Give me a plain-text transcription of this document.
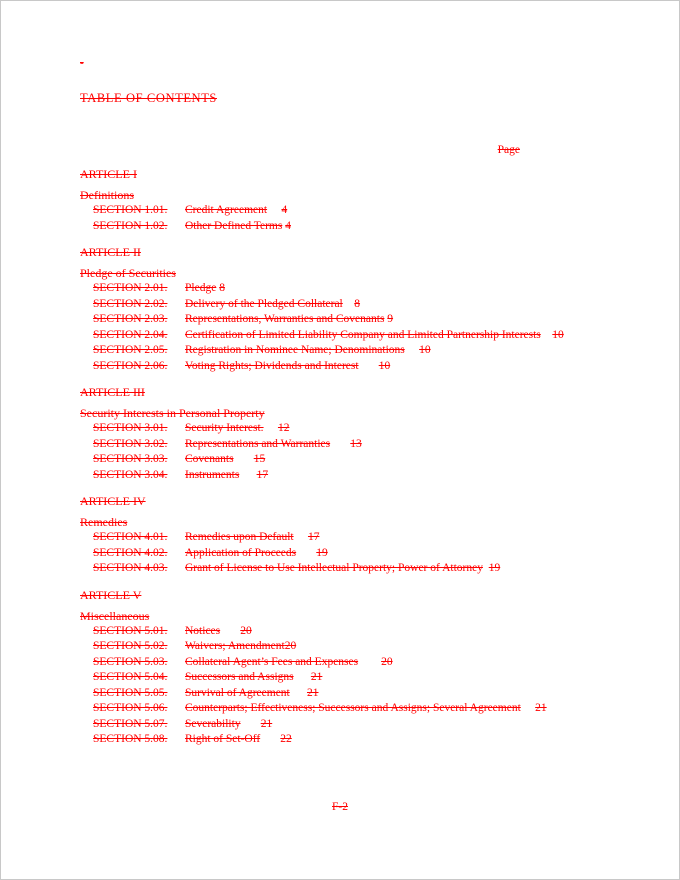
-
TABLE OF CONTENTS
Page
ARTICLE I
Definitions
SECTION 1.01. Credit Agreement 4
SECTION 1.02. Other Defined Terms 4
ARTICLE II
Pledge of Securities
SECTION 2.01. Pledge 8
SECTION 2.02. Delivery of the Pledged Collateral 8
SECTION 2.03. Representations, Warranties and Covenants 9
SECTION 2.04. Certification of Limited Liability Company and Limited Partnership Interests 10
SECTION 2.05. Registration in Nominee Name; Denominations 10
SECTION 2.06. Voting Rights; Dividends and Interest 10
ARTICLE III
Security Interests in Personal Property
SECTION 3.01. Security Interest. 12
SECTION 3.02. Representations and Warranties 13
SECTION 3.03. Covenants 15
SECTION 3.04. Instruments 17
ARTICLE IV
Remedies
SECTION 4.01. Remedies upon Default 17
SECTION 4.02. Application of Proceeds 19
SECTION 4.03. Grant of License to Use Intellectual Property; Power of Attorney 19
ARTICLE V
Miscellaneous
SECTION 5.01. Notices 20
SECTION 5.02. Waivers; Amendment20
SECTION 5.03. Collateral Agent’s Fees and Expenses 20
SECTION 5.04. Successors and Assigns 21
SECTION 5.05. Survival of Agreement 21
SECTION 5.06. Counterparts; Effectiveness; Successors and Assigns; Several Agreement 21
SECTION 5.07. Severability 21
SECTION 5.08. Right of Set-Off 22
F-2
